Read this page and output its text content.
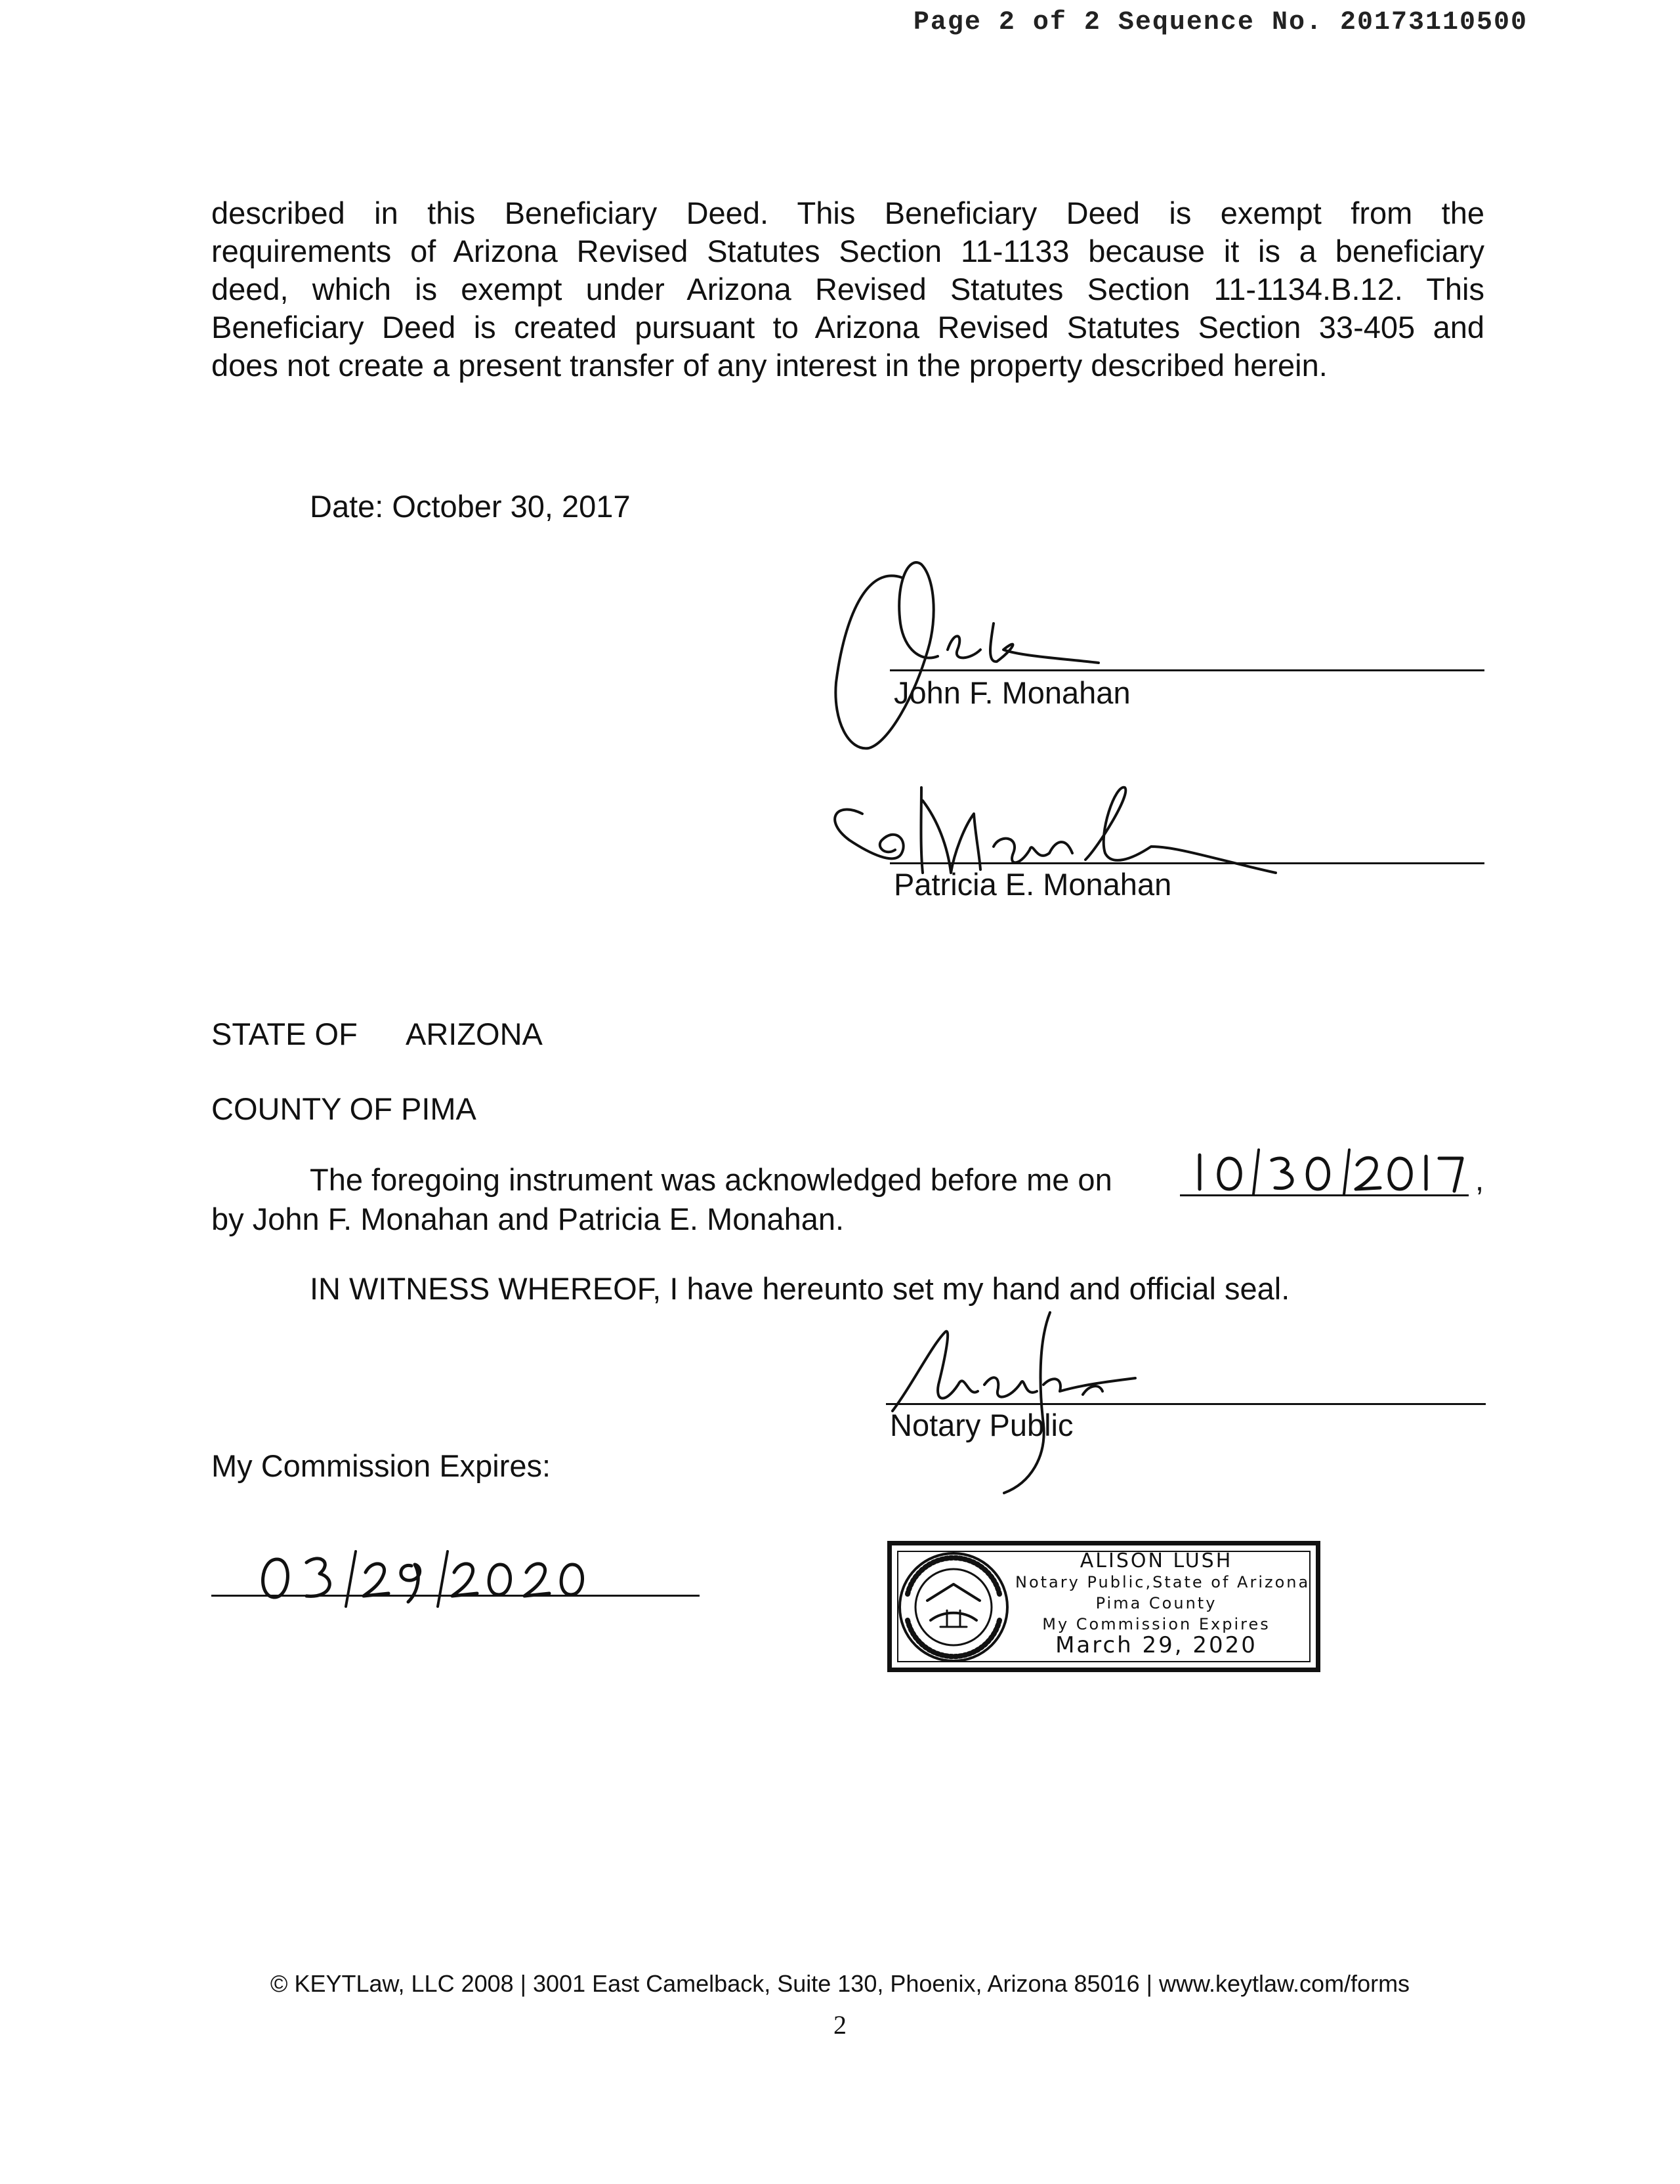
Page 2 of 2 Sequence No. 20173110500
described in this Beneficiary Deed. This Beneficiary Deed is exempt from the
requirements of Arizona Revised Statutes Section 11-1133 because it is a beneficiary
deed, which is exempt under Arizona Revised Statutes Section 11-1134.B.12. This
Beneficiary Deed is created pursuant to Arizona Revised Statutes Section 33-405 and
does not create a present transfer of any interest in the property described herein.
Date: October 30, 2017
John F. Monahan
Patricia E. Monahan
STATE OF ARIZONA
COUNTY OF PIMA
The foregoing instrument was acknowledged before me on	,
by John F. Monahan and Patricia E. Monahan.
IN WITNESS WHEREOF, I have hereunto set my hand and official seal.
Notary Public
My Commission Expires:
ALISON LUSH
Notary Public,State of Arizona
Pima County
My Commission Expires
March 29, 2020
© KEYTLaw, LLC 2008 | 3001 East Camelback, Suite 130, Phoenix, Arizona 85016 | www.keytlaw.com/forms
2
